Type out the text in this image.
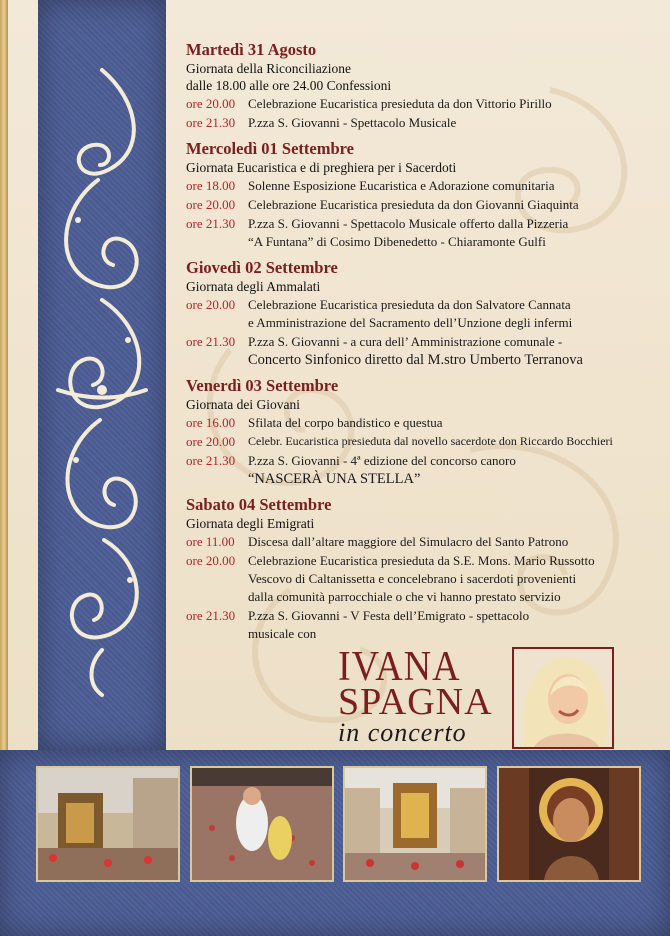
Martedì 31 Agosto
Giornata della Riconciliazione
dalle 18.00 alle ore 24.00 Confessioni
ore 20.00 Celebrazione Eucaristica presieduta da don Vittorio Pirillo
ore 21.30 P.zza S. Giovanni - Spettacolo Musicale
Mercoledì 01 Settembre
Giornata Eucaristica e di preghiera per i Sacerdoti
ore 18.00 Solenne Esposizione Eucaristica e Adorazione comunitaria
ore 20.00 Celebrazione Eucaristica presieduta da don Giovanni Giaquinta
ore 21.30 P.zza S. Giovanni - Spettacolo Musicale offerto dalla Pizzeria
“A Funtana” di Cosimo Dibenedetto - Chiaramonte Gulfi
Giovedì 02 Settembre
Giornata degli Ammalati
ore 20.00 Celebrazione Eucaristica presieduta da don Salvatore Cannata
e Amministrazione del Sacramento dell’Unzione degli infermi
ore 21.30 P.zza S. Giovanni - a cura dell’ Amministrazione comunale -
Concerto Sinfonico diretto dal M.stro Umberto Terranova
Venerdì 03 Settembre
Giornata dei Giovani
ore 16.00 Sfilata del corpo bandistico e questua
ore 20.00	Celebr. Eucaristica presieduta dal novello sacerdote don Riccardo Bocchieri
ore 21.30 P.zza S. Giovanni - 4ª edizione del concorso canoro
“NASCERÀ UNA STELLA”
Sabato 04 Settembre
Giornata degli Emigrati
ore 11.00	Discesa dall’altare maggiore del Simulacro del Santo Patrono
ore 20.00 Celebrazione Eucaristica presieduta da S.E. Mons. Mario Russotto
Vescovo di Caltanissetta e concelebrano i sacerdoti provenienti
dalla comunità parrocchiale o che vi hanno prestato servizio
ore 21.30 P.zza S. Giovanni - V Festa dell’Emigrato - spettacolo
musicale con
IVANA
SPAGNA
in concerto
